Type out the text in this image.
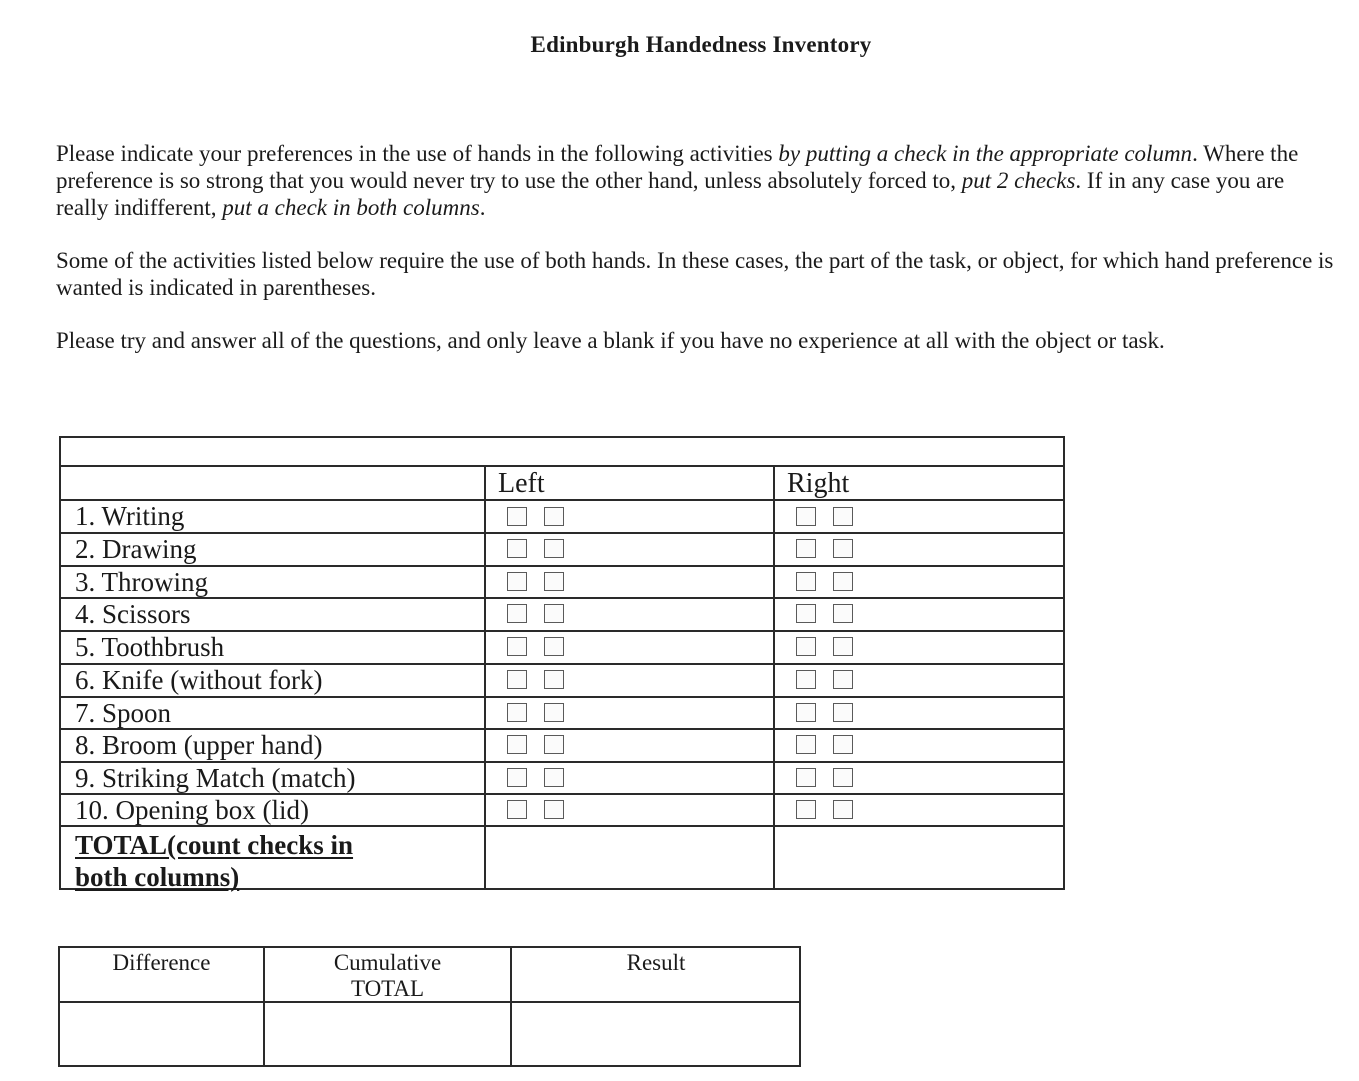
Edinburgh Handedness Inventory

Please indicate your preferences in the use of hands in the following activities by putting a check in the appropriate column. Where the preference is so strong that you would never try to use the other hand, unless absolutely forced to, put 2 checks. If in any case you are really indifferent, put a check in both columns.

Some of the activities listed below require the use of both hands. In these cases, the part of the task, or object, for which hand preference is wanted is indicated in parentheses.

Please try and answer all of the questions, and only leave a blank if you have no experience at all with the object or task.

Left	Right
1. Writing
2. Drawing
3. Throwing
4. Scissors
5. Toothbrush
6. Knife (without fork)
7. Spoon
8. Broom (upper hand)
9. Striking Match (match)
10. Opening box (lid)
TOTAL(count checks in
both columns)
Difference	Cumulative
TOTAL
Result
